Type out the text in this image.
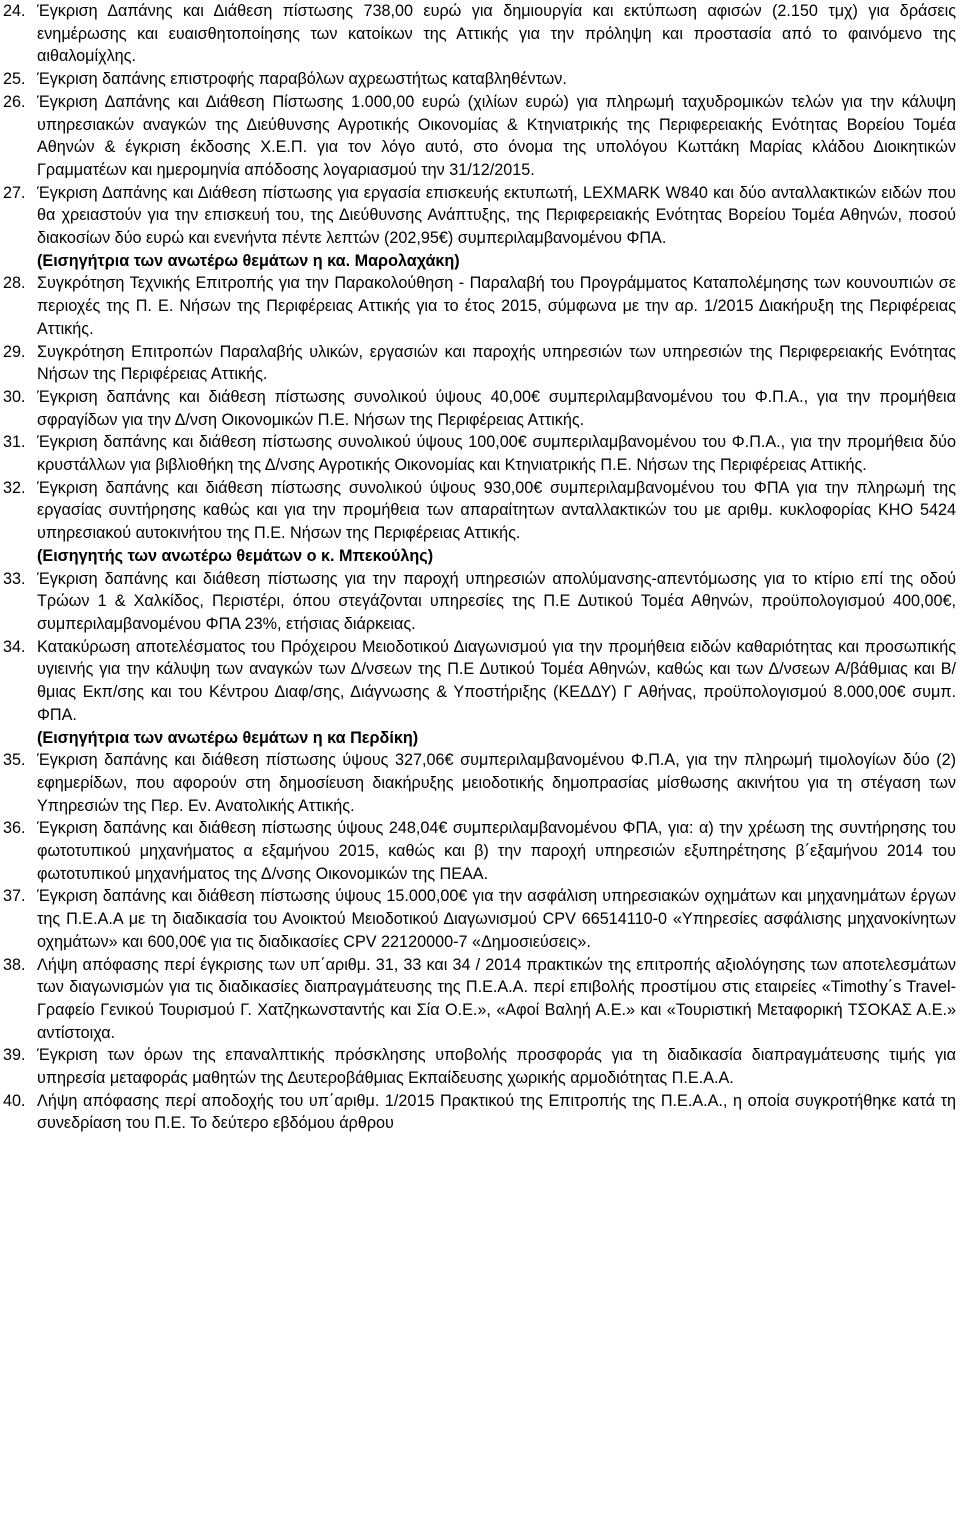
24. Έγκριση Δαπάνης και Διάθεση πίστωσης 738,00 ευρώ για δημιουργία και εκτύπωση αφισών (2.150 τμχ) για δράσεις ενημέρωσης και ευαισθητοποίησης των κατοίκων της Αττικής για την πρόληψη και προστασία από το φαινόμενο της αιθαλομίχλης.
25. Έγκριση δαπάνης επιστροφής παραβόλων αχρεωστήτως καταβληθέντων.
26. Έγκριση Δαπάνης και Διάθεση Πίστωσης 1.000,00 ευρώ (χιλίων ευρώ) για πληρωμή ταχυδρομικών τελών για την κάλυψη υπηρεσιακών αναγκών της Διεύθυνσης Αγροτικής Οικονομίας & Κτηνιατρικής της Περιφερειακής Ενότητας Βορείου Τομέα Αθηνών & έγκριση έκδοσης Χ.Ε.Π. για τον λόγο αυτό, στο όνομα της υπολόγου Κωττάκη Μαρίας κλάδου Διοικητικών Γραμματέων και ημερομηνία απόδοσης λογαριασμού την 31/12/2015.
27. Έγκριση Δαπάνης και Διάθεση πίστωσης για εργασία επισκευής εκτυπωτή, LEXMARK W840 και δύο ανταλλακτικών ειδών που θα χρειαστούν για την επισκευή του, της Διεύθυνσης Ανάπτυξης, της Περιφερειακής Ενότητας Βορείου Τομέα Αθηνών, ποσού διακοσίων δύο ευρώ και ενενήντα πέντε λεπτών (202,95€) συμπεριλαμβανομένου ΦΠΑ.
(Εισηγήτρια των ανωτέρω θεμάτων η κα. Μαρολαχάκη)
28. Συγκρότηση Τεχνικής Επιτροπής για την Παρακολούθηση - Παραλαβή του Προγράμματος Καταπολέμησης των κουνουπιών σε περιοχές της Π. Ε. Νήσων της Περιφέρειας Αττικής για το έτος 2015, σύμφωνα με την αρ. 1/2015 Διακήρυξη της Περιφέρειας Αττικής.
29. Συγκρότηση Επιτροπών Παραλαβής υλικών, εργασιών και παροχής υπηρεσιών των υπηρεσιών της Περιφερειακής Ενότητας Νήσων της Περιφέρειας Αττικής.
30. Έγκριση δαπάνης και διάθεση πίστωσης συνολικού ύψους 40,00€ συμπεριλαμβανομένου του Φ.Π.Α., για την προμήθεια σφραγίδων για την Δ/νση Οικονομικών Π.Ε. Νήσων της Περιφέρειας Αττικής.
31. Έγκριση δαπάνης και διάθεση πίστωσης συνολικού ύψους 100,00€ συμπεριλαμβανομένου του Φ.Π.Α., για την προμήθεια δύο κρυστάλλων για βιβλιοθήκη της Δ/νσης Αγροτικής Οικονομίας και Κτηνιατρικής Π.Ε. Νήσων της Περιφέρειας Αττικής.
32. Έγκριση δαπάνης και διάθεση πίστωσης συνολικού ύψους 930,00€ συμπεριλαμβανομένου του ΦΠΑ για την πληρωμή της εργασίας συντήρησης καθώς και για την προμήθεια των απαραίτητων ανταλλακτικών του με αριθμ. κυκλοφορίας ΚΗΟ 5424 υπηρεσιακού αυτοκινήτου της Π.Ε. Νήσων της Περιφέρειας Αττικής.
(Εισηγητής των ανωτέρω θεμάτων ο κ. Μπεκούλης)
33. Έγκριση δαπάνης και διάθεση πίστωσης για την παροχή υπηρεσιών απολύμανσης-απεντόμωσης για το κτίριο επί της οδού Τρώων 1 & Χαλκίδος, Περιστέρι, όπου στεγάζονται υπηρεσίες της Π.Ε Δυτικού Τομέα Αθηνών, προϋπολογισμού 400,00€, συμπεριλαμβανομένου ΦΠΑ 23%, ετήσιας διάρκειας.
34. Κατακύρωση αποτελέσματος του Πρόχειρου Μειοδοτικού Διαγωνισμού για την προμήθεια ειδών καθαριότητας και προσωπικής υγιεινής για την κάλυψη των αναγκών των Δ/νσεων της Π.Ε Δυτικού Τομέα Αθηνών, καθώς και των Δ/νσεων Α/βάθμιας και Β/θμιας Εκπ/σης και του Κέντρου Διαφ/σης, Διάγνωσης & Υποστήριξης (ΚΕΔΔΥ) Γ Αθήνας, προϋπολογισμού 8.000,00€ συμπ. ΦΠΑ.
(Εισηγήτρια των ανωτέρω θεμάτων η κα Περδίκη)
35. Έγκριση δαπάνης και διάθεση πίστωσης ύψους 327,06€ συμπεριλαμβανομένου Φ.Π.Α, για την πληρωμή τιμολογίων δύο (2) εφημερίδων, που αφορούν στη δημοσίευση διακήρυξης μειοδοτικής δημοπρασίας μίσθωσης ακινήτου για τη στέγαση των Υπηρεσιών της Περ. Εν. Ανατολικής Αττικής.
36. Έγκριση δαπάνης και διάθεση πίστωσης ύψους 248,04€ συμπεριλαμβανομένου ΦΠΑ, για: α) την χρέωση της συντήρησης του φωτοτυπικού μηχανήματος α εξαμήνου 2015, καθώς και β) την παροχή υπηρεσιών εξυπηρέτησης β΄εξαμήνου 2014 του φωτοτυπικού μηχανήματος της Δ/νσης Οικονομικών της ΠΕΑΑ.
37. Έγκριση δαπάνης και διάθεση πίστωσης ύψους 15.000,00€ για την ασφάλιση υπηρεσιακών οχημάτων και μηχανημάτων έργων της Π.Ε.Α.Α με τη διαδικασία του Ανοικτού Μειοδοτικού Διαγωνισμού CPV 66514110-0 «Υπηρεσίες ασφάλισης μηχανοκίνητων οχημάτων» και 600,00€ για τις διαδικασίες CPV 22120000-7 «Δημοσιεύσεις».
38. Λήψη απόφασης περί έγκρισης των υπ΄αριθμ. 31, 33 και 34 / 2014 πρακτικών της επιτροπής αξιολόγησης των αποτελεσμάτων των διαγωνισμών για τις διαδικασίες διαπραγμάτευσης της Π.Ε.Α.Α. περί επιβολής προστίμου στις εταιρείες «Timothy΄s Travel-Γραφείο Γενικού Τουρισμού Γ. Χατζηκωνσταντής και Σία Ο.Ε.», «Αφοί Βαληή Α.Ε.» και «Τουριστική Μεταφορική ΤΣΟΚΑΣ Α.Ε.» αντίστοιχα.
39. Έγκριση των όρων της επαναλπτικής πρόσκλησης υποβολής προσφοράς για τη διαδικασία διαπραγμάτευσης τιμής για υπηρεσία μεταφοράς μαθητών της Δευτεροβάθμιας Εκπαίδευσης χωρικής αρμοδιότητας Π.Ε.Α.Α.
40. Λήψη απόφασης περί αποδοχής του υπ΄αριθμ. 1/2015 Πρακτικού της Επιτροπής της Π.Ε.Α.Α., η οποία συγκροτήθηκε κατά τη συνεδρίαση του Π.Ε. Το δεύτερο εβδόμου άρθρου
